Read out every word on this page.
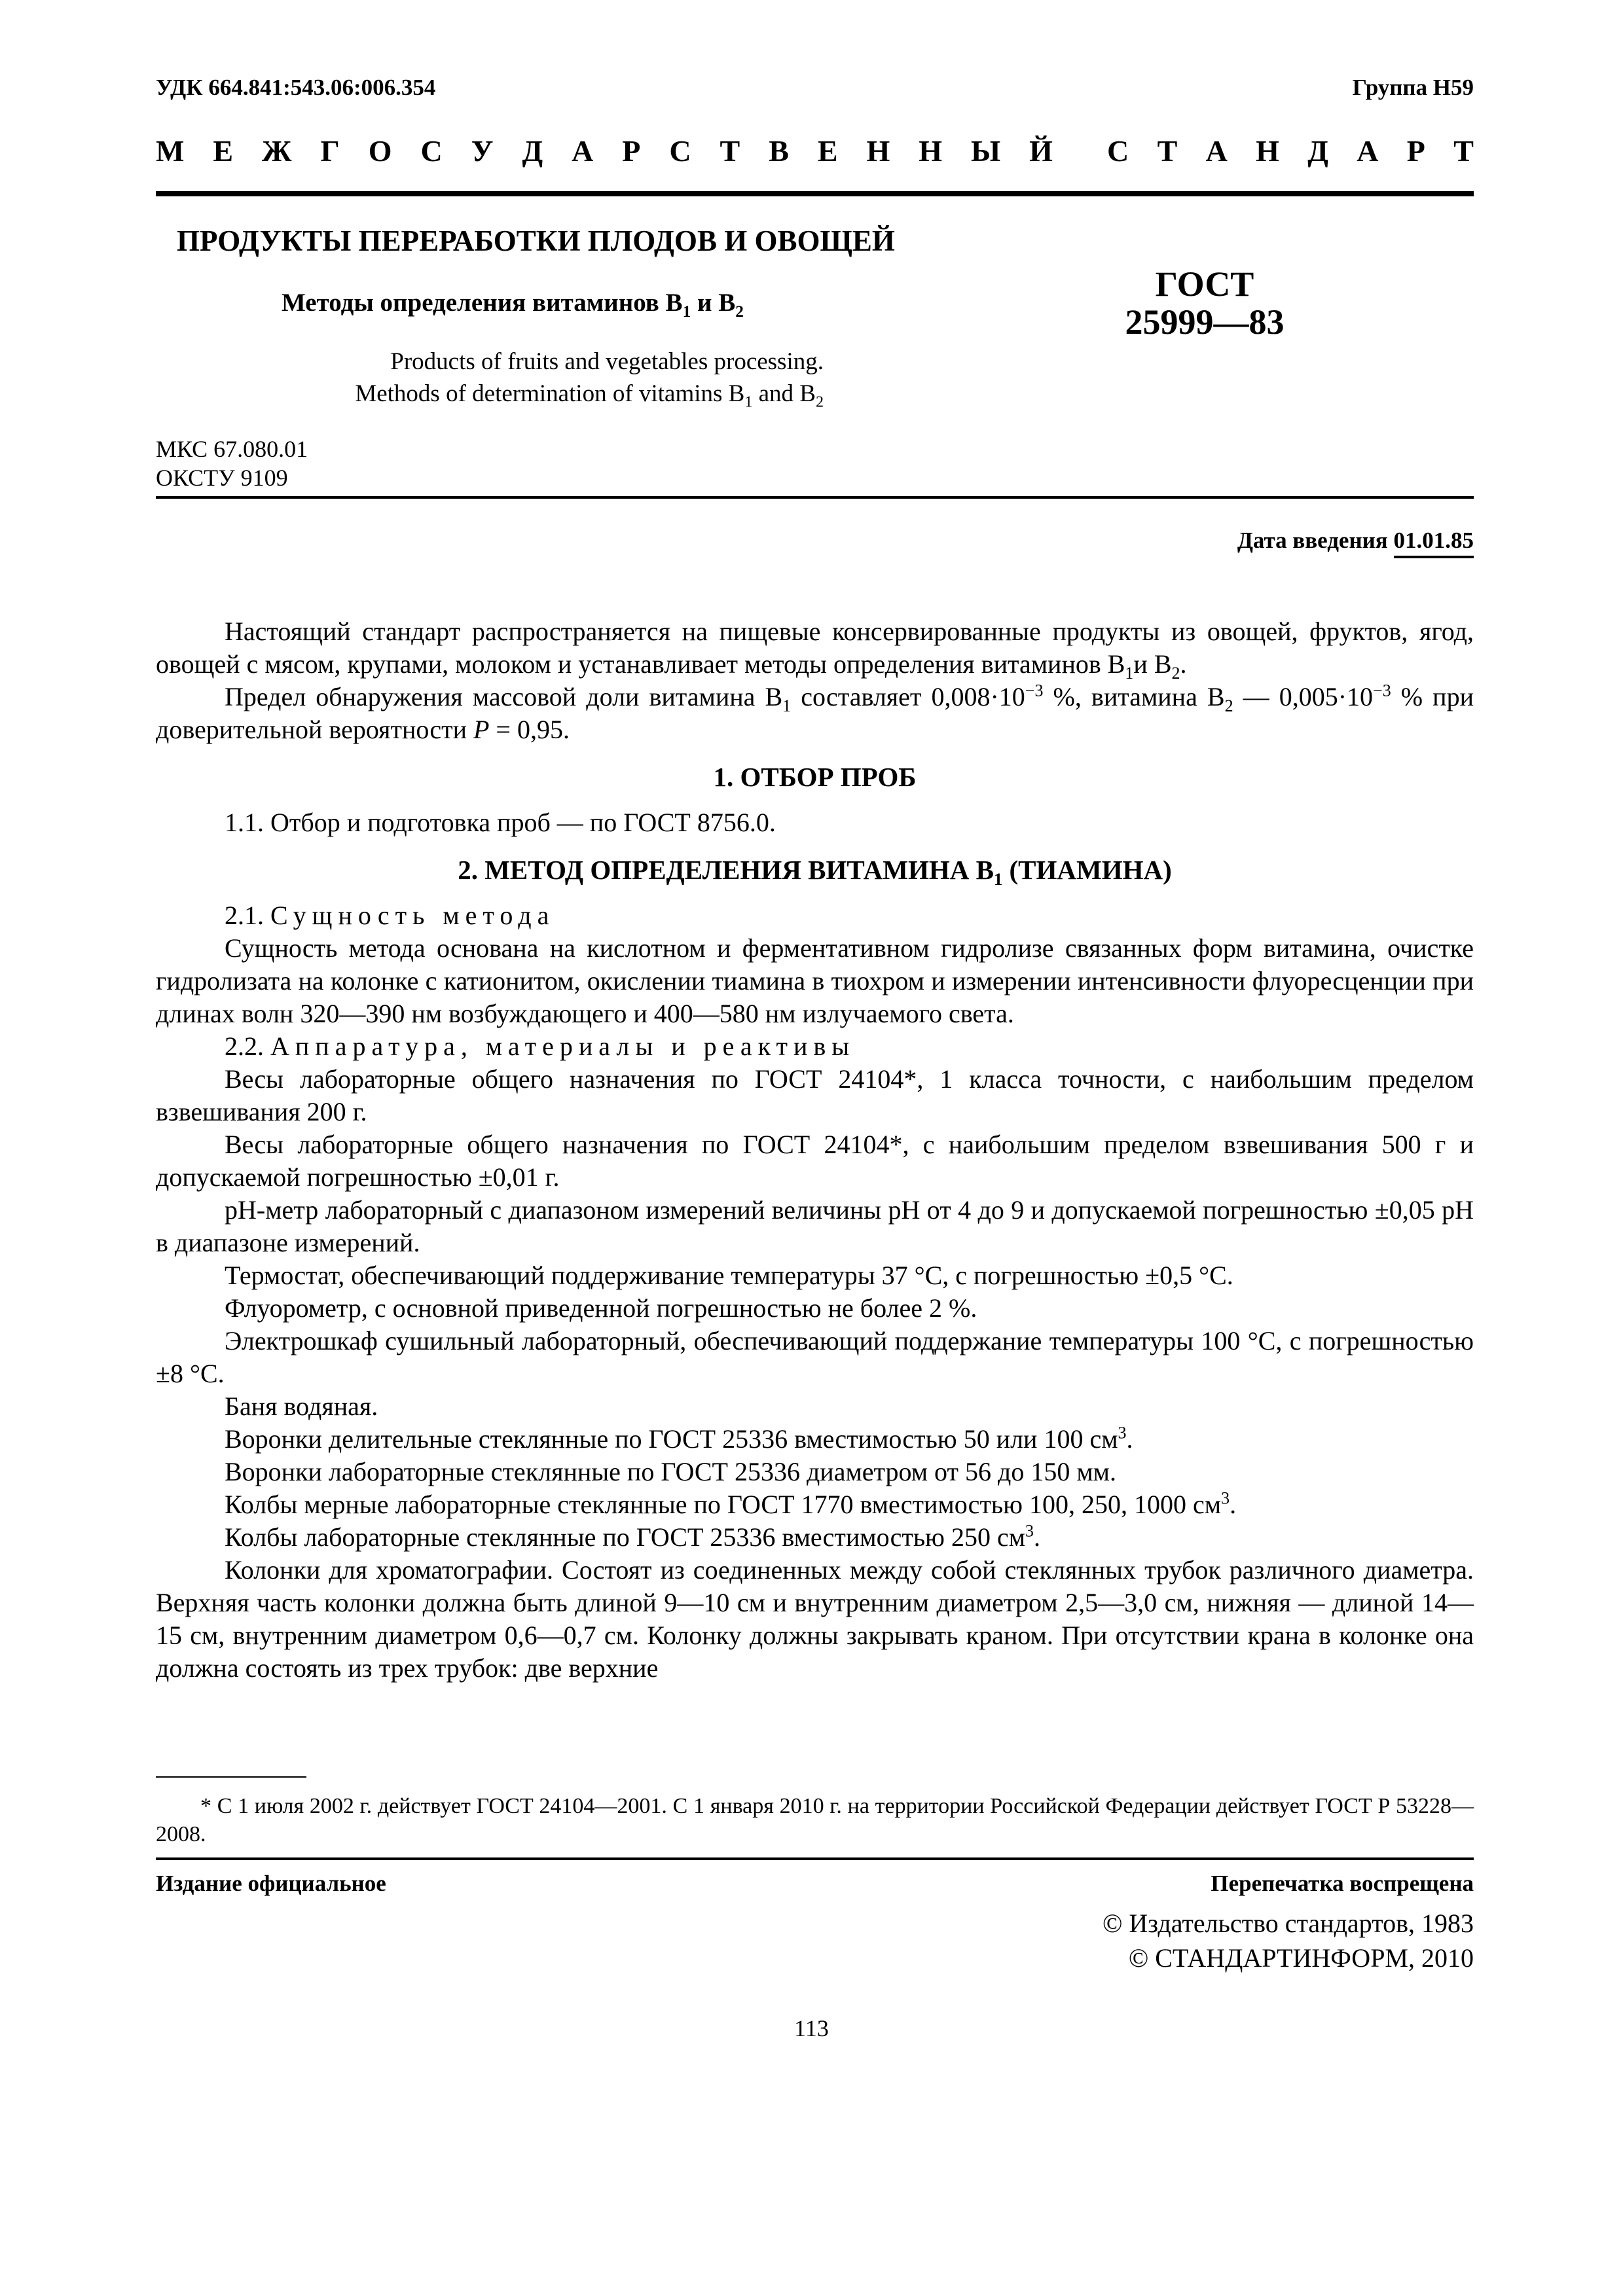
УДК 664.841:543.06:006.354	Группа Н59
М Е Ж Г О С У Д А Р С Т В Е Н Н Ы Й С Т А Н Д А Р Т
ПРОДУКТЫ ПЕРЕРАБОТКИ ПЛОДОВ И ОВОЩЕЙ
Методы определения витаминов $B_1$ и $B_2$
Products of fruits and vegetables processing.
Methods of determination of vitamins $B_1$ and $B_2$
ГОСТ
25999—83
МКС 67.080.01
ОКСТУ 9109
Дата введения 01.01.85

Настоящий стандарт распространяется на пищевые консервированные продукты из овощей, фруктов, ягод, овощей с мясом, крупами, молоком и устанавливает методы определения витаминов $B_1и$ $B_2$.

Предел обнаружения массовой доли витамина $B_1$ составляет $0,008\cdot 10^{-3}$ %, витамина $B_2$ — $0,005\cdot 10^{-3}$ % при доверительной вероятности P = 0,95.

1. ОТБОР ПРОБ

1.1. Отбор и подготовка проб — по ГОСТ 8756.0.

2. МЕТОД ОПРЕДЕЛЕНИЯ ВИТАМИНА $B_1$ (ТИАМИНА)

2.1. Сущность метода

Сущность метода основана на кислотном и ферментативном гидролизе связанных форм витамина, очистке гидролизата на колонке с катионитом, окислении тиамина в тиохром и измерении интенсивности флуоресценции при длинах волн 320—390 нм возбуждающего и 400—580 нм излучаемого света.

2.2. Аппаратура, материалы и реактивы

Весы лабораторные общего назначения по ГОСТ 24104*, 1 класса точности, с наибольшим пределом взвешивания 200 г.

Весы лабораторные общего назначения по ГОСТ 24104*, с наибольшим пределом взвешивания 500 г и допускаемой погрешностью ±0,01 г.

pH-метр лабораторный с диапазоном измерений величины pH от 4 до 9 и допускаемой погрешностью ±0,05 pH в диапазоне измерений.

Термостат, обеспечивающий поддерживание температуры 37 °C, с погрешностью ±0,5 °C.

Флуорометр, с основной приведенной погрешностью не более 2 %.

Электрошкаф сушильный лабораторный, обеспечивающий поддержание температуры 100 °C, с погрешностью ±8 °C.

Баня водяная.

Воронки делительные стеклянные по ГОСТ 25336 вместимостью 50 или 100 $см^3$.

Воронки лабораторные стеклянные по ГОСТ 25336 диаметром от 56 до 150 мм.

Колбы мерные лабораторные стеклянные по ГОСТ 1770 вместимостью 100, 250, 1000 $см^3$.

Колбы лабораторные стеклянные по ГОСТ 25336 вместимостью 250 $см^3$.

Колонки для хроматографии. Состоят из соединенных между собой стеклянных трубок различного диаметра. Верхняя часть колонки должна быть длиной 9—10 см и внутренним диаметром 2,5—3,0 см, нижняя — длиной 14—15 см, внутренним диаметром 0,6—0,7 см. Колонку должны закрывать краном. При отсутствии крана в колонке она должна состоять из трех трубок: две верхние

* С 1 июля 2002 г. действует ГОСТ 24104—2001. С 1 января 2010 г. на территории Российской Федерации действует ГОСТ Р 53228—2008.
Издание официальное	Перепечатка воспрещена
© Издательство стандартов, 1983
© СТАНДАРТИНФОРМ, 2010
113
